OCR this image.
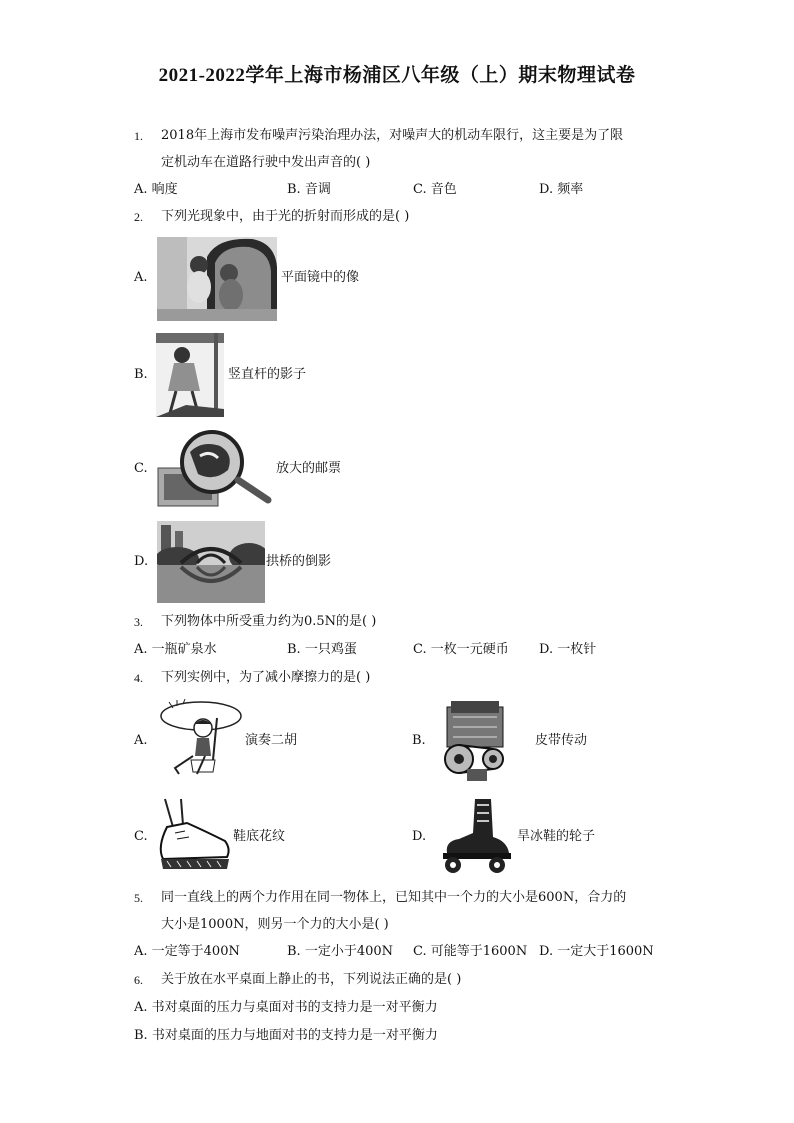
2021-2022学年上海市杨浦区八年级（上）期末物理试卷
1. 2018年上海市发布噪声污染治理办法，对噪声大的机动车限行，这主要是为了限
定机动车在道路行驶中发出声音的( )
A. 响度	B. 音调	C. 音色	D. 频率
2. 下列光现象中，由于光的折射而形成的是( )
A.	平面镜中的像
B.	竖直杆的影子
C.	放大的邮票
D.	拱桥的倒影
3. 下列物体中所受重力约为0.5N的是( )
A. 一瓶矿泉水	B. 一只鸡蛋	C. 一枚一元硬币 D. 一枚针
4. 下列实例中，为了减小摩擦力的是( )
A.	演奏二胡	B.	皮带传动
C.	鞋底花纹	D.	旱冰鞋的轮子
5. 同一直线上的两个力作用在同一物体上，已知其中一个力的大小是600N，合力的
大小是1000N，则另一个力的大小是( )
A. 一定等于400N	B. 一定小于400N C. 可能等于1600N D. 一定大于1600N
6. 关于放在水平桌面上静止的书，下列说法正确的是( )
A. 书对桌面的压力与桌面对书的支持力是一对平衡力
B. 书对桌面的压力与地面对书的支持力是一对平衡力
